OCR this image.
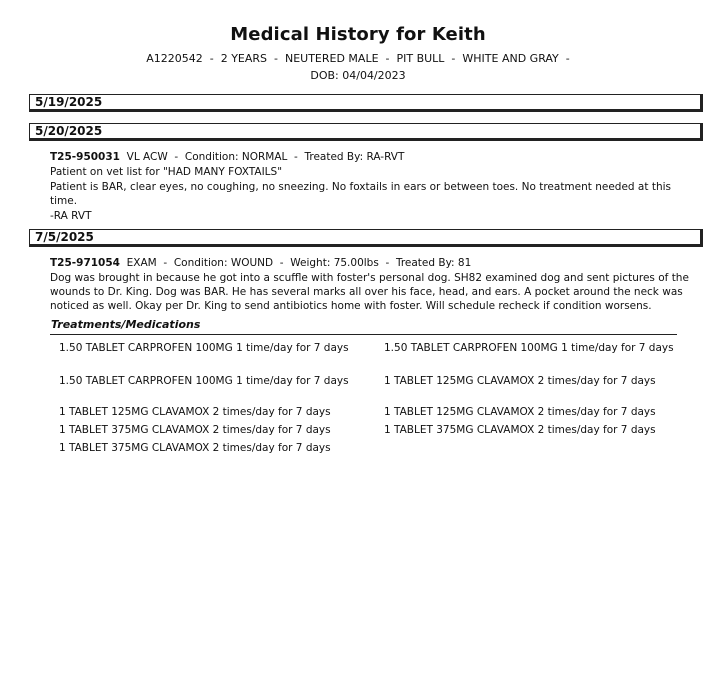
Medical History for Keith
A1220542  -  2 YEARS  -  NEUTERED MALE  -  PIT BULL  -  WHITE AND GRAY  -
DOB: 04/04/2023
5/19/2025
5/20/2025
T25-950031  VL ACW  -  Condition: NORMAL  -  Treated By: RA-RVT
Patient on vet list for "HAD MANY FOXTAILS"
Patient is BAR, clear eyes, no coughing, no sneezing. No foxtails in ears or between toes. No treatment needed at this time.
-RA RVT
7/5/2025
T25-971054  EXAM  -  Condition: WOUND  -  Weight: 75.00lbs  -  Treated By: 81
Dog was brought in because he got into a scuffle with foster's personal dog. SH82 examined dog and sent pictures of the wounds to Dr. King. Dog was BAR. He has several marks all over his face, head, and ears. A pocket around the neck was noticed as well. Okay per Dr. King to send antibiotics home with foster. Will schedule recheck if condition worsens.
Treatments/Medications
1.50 TABLET CARPROFEN 100MG 1 time/day for 7 days
1.50 TABLET CARPROFEN 100MG 1 time/day for 7 days
1 TABLET 125MG CLAVAMOX 2 times/day for 7 days
1 TABLET 375MG CLAVAMOX 2 times/day for 7 days
1 TABLET 375MG CLAVAMOX 2 times/day for 7 days
1.50 TABLET CARPROFEN 100MG 1 time/day for 7 days
1 TABLET 125MG CLAVAMOX 2 times/day for 7 days
1 TABLET 125MG CLAVAMOX 2 times/day for 7 days
1 TABLET 375MG CLAVAMOX 2 times/day for 7 days
